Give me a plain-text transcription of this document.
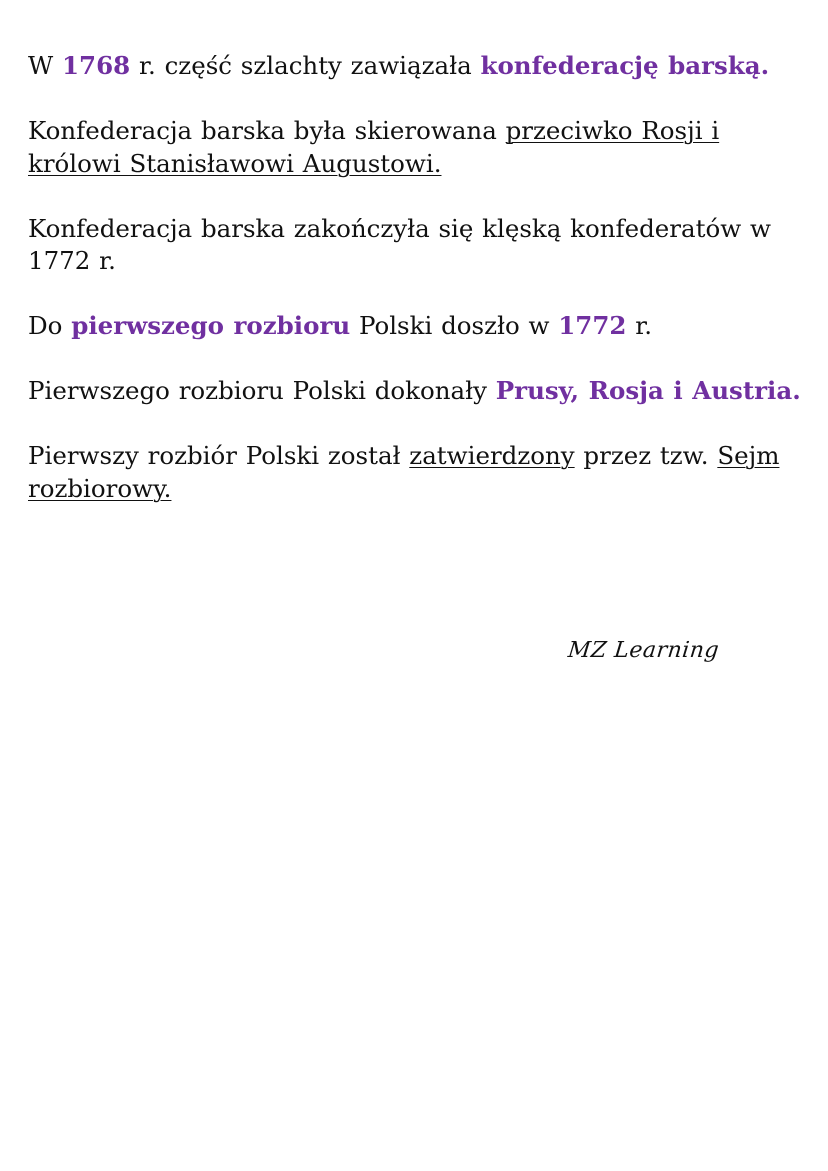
W 1768 r. część szlachty zawiązała konfederację barską.

Konfederacja barska była skierowana przeciwko Rosji i królowi Stanisławowi Augustowi.

Konfederacja barska zakończyła się klęską konfederatów w 1772 r.

Do pierwszego rozbioru Polski doszło w 1772 r.

Pierwszego rozbioru Polski dokonały Prusy, Rosja i Austria.

Pierwszy rozbiór Polski został zatwierdzony przez tzw. Sejm rozbiorowy.

MZ Learning
